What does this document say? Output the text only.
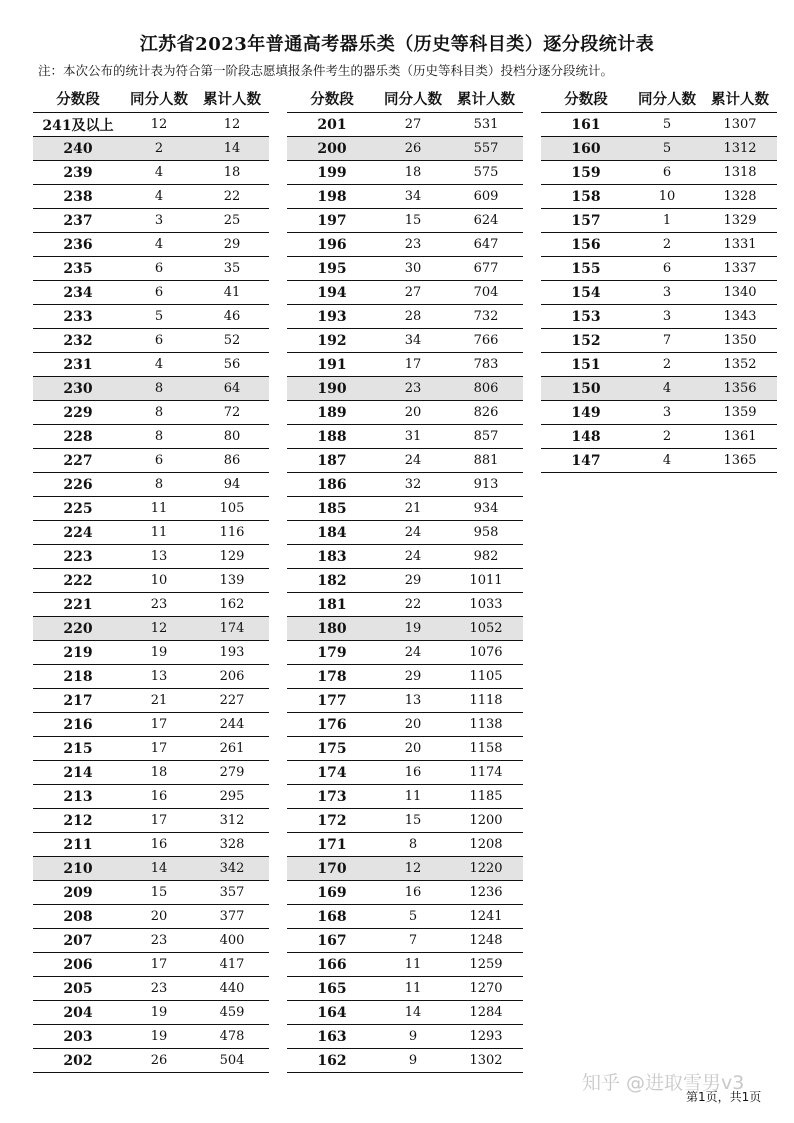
江苏省2023年普通高考器乐类（历史等科目类）逐分段统计表
注：本次公布的统计表为符合第一阶段志愿填报条件考生的器乐类（历史等科目类）投档分逐分段统计。
分数段	同分人数	累计人数
241及以上	12	12
240	2	14
239	4	18
238	4	22
237	3	25
236	4	29
235	6	35
234	6	41
233	5	46
232	6	52
231	4	56
230	8	64
229	8	72
228	8	80
227	6	86
226	8	94
225	11	105
224	11	116
223	13	129
222	10	139
221	23	162
220	12	174
219	19	193
218	13	206
217	21	227
216	17	244
215	17	261
214	18	279
213	16	295
212	17	312
211	16	328
210	14	342
209	15	357
208	20	377
207	23	400
206	17	417
205	23	440
204	19	459
203	19	478
202	26	504
分数段	同分人数	累计人数
201	27	531
200	26	557
199	18	575
198	34	609
197	15	624
196	23	647
195	30	677
194	27	704
193	28	732
192	34	766
191	17	783
190	23	806
189	20	826
188	31	857
187	24	881
186	32	913
185	21	934
184	24	958
183	24	982
182	29	1011
181	22	1033
180	19	1052
179	24	1076
178	29	1105
177	13	1118
176	20	1138
175	20	1158
174	16	1174
173	11	1185
172	15	1200
171	8	1208
170	12	1220
169	16	1236
168	5	1241
167	7	1248
166	11	1259
165	11	1270
164	14	1284
163	9	1293
162	9	1302
分数段	同分人数	累计人数
161	5	1307
160	5	1312
159	6	1318
158	10	1328
157	1	1329
156	2	1331
155	6	1337
154	3	1340
153	3	1343
152	7	1350
151	2	1352
150	4	1356
149	3	1359
148	2	1361
147	4	1365
知乎 @进取雪男v3
第1页，共1页
